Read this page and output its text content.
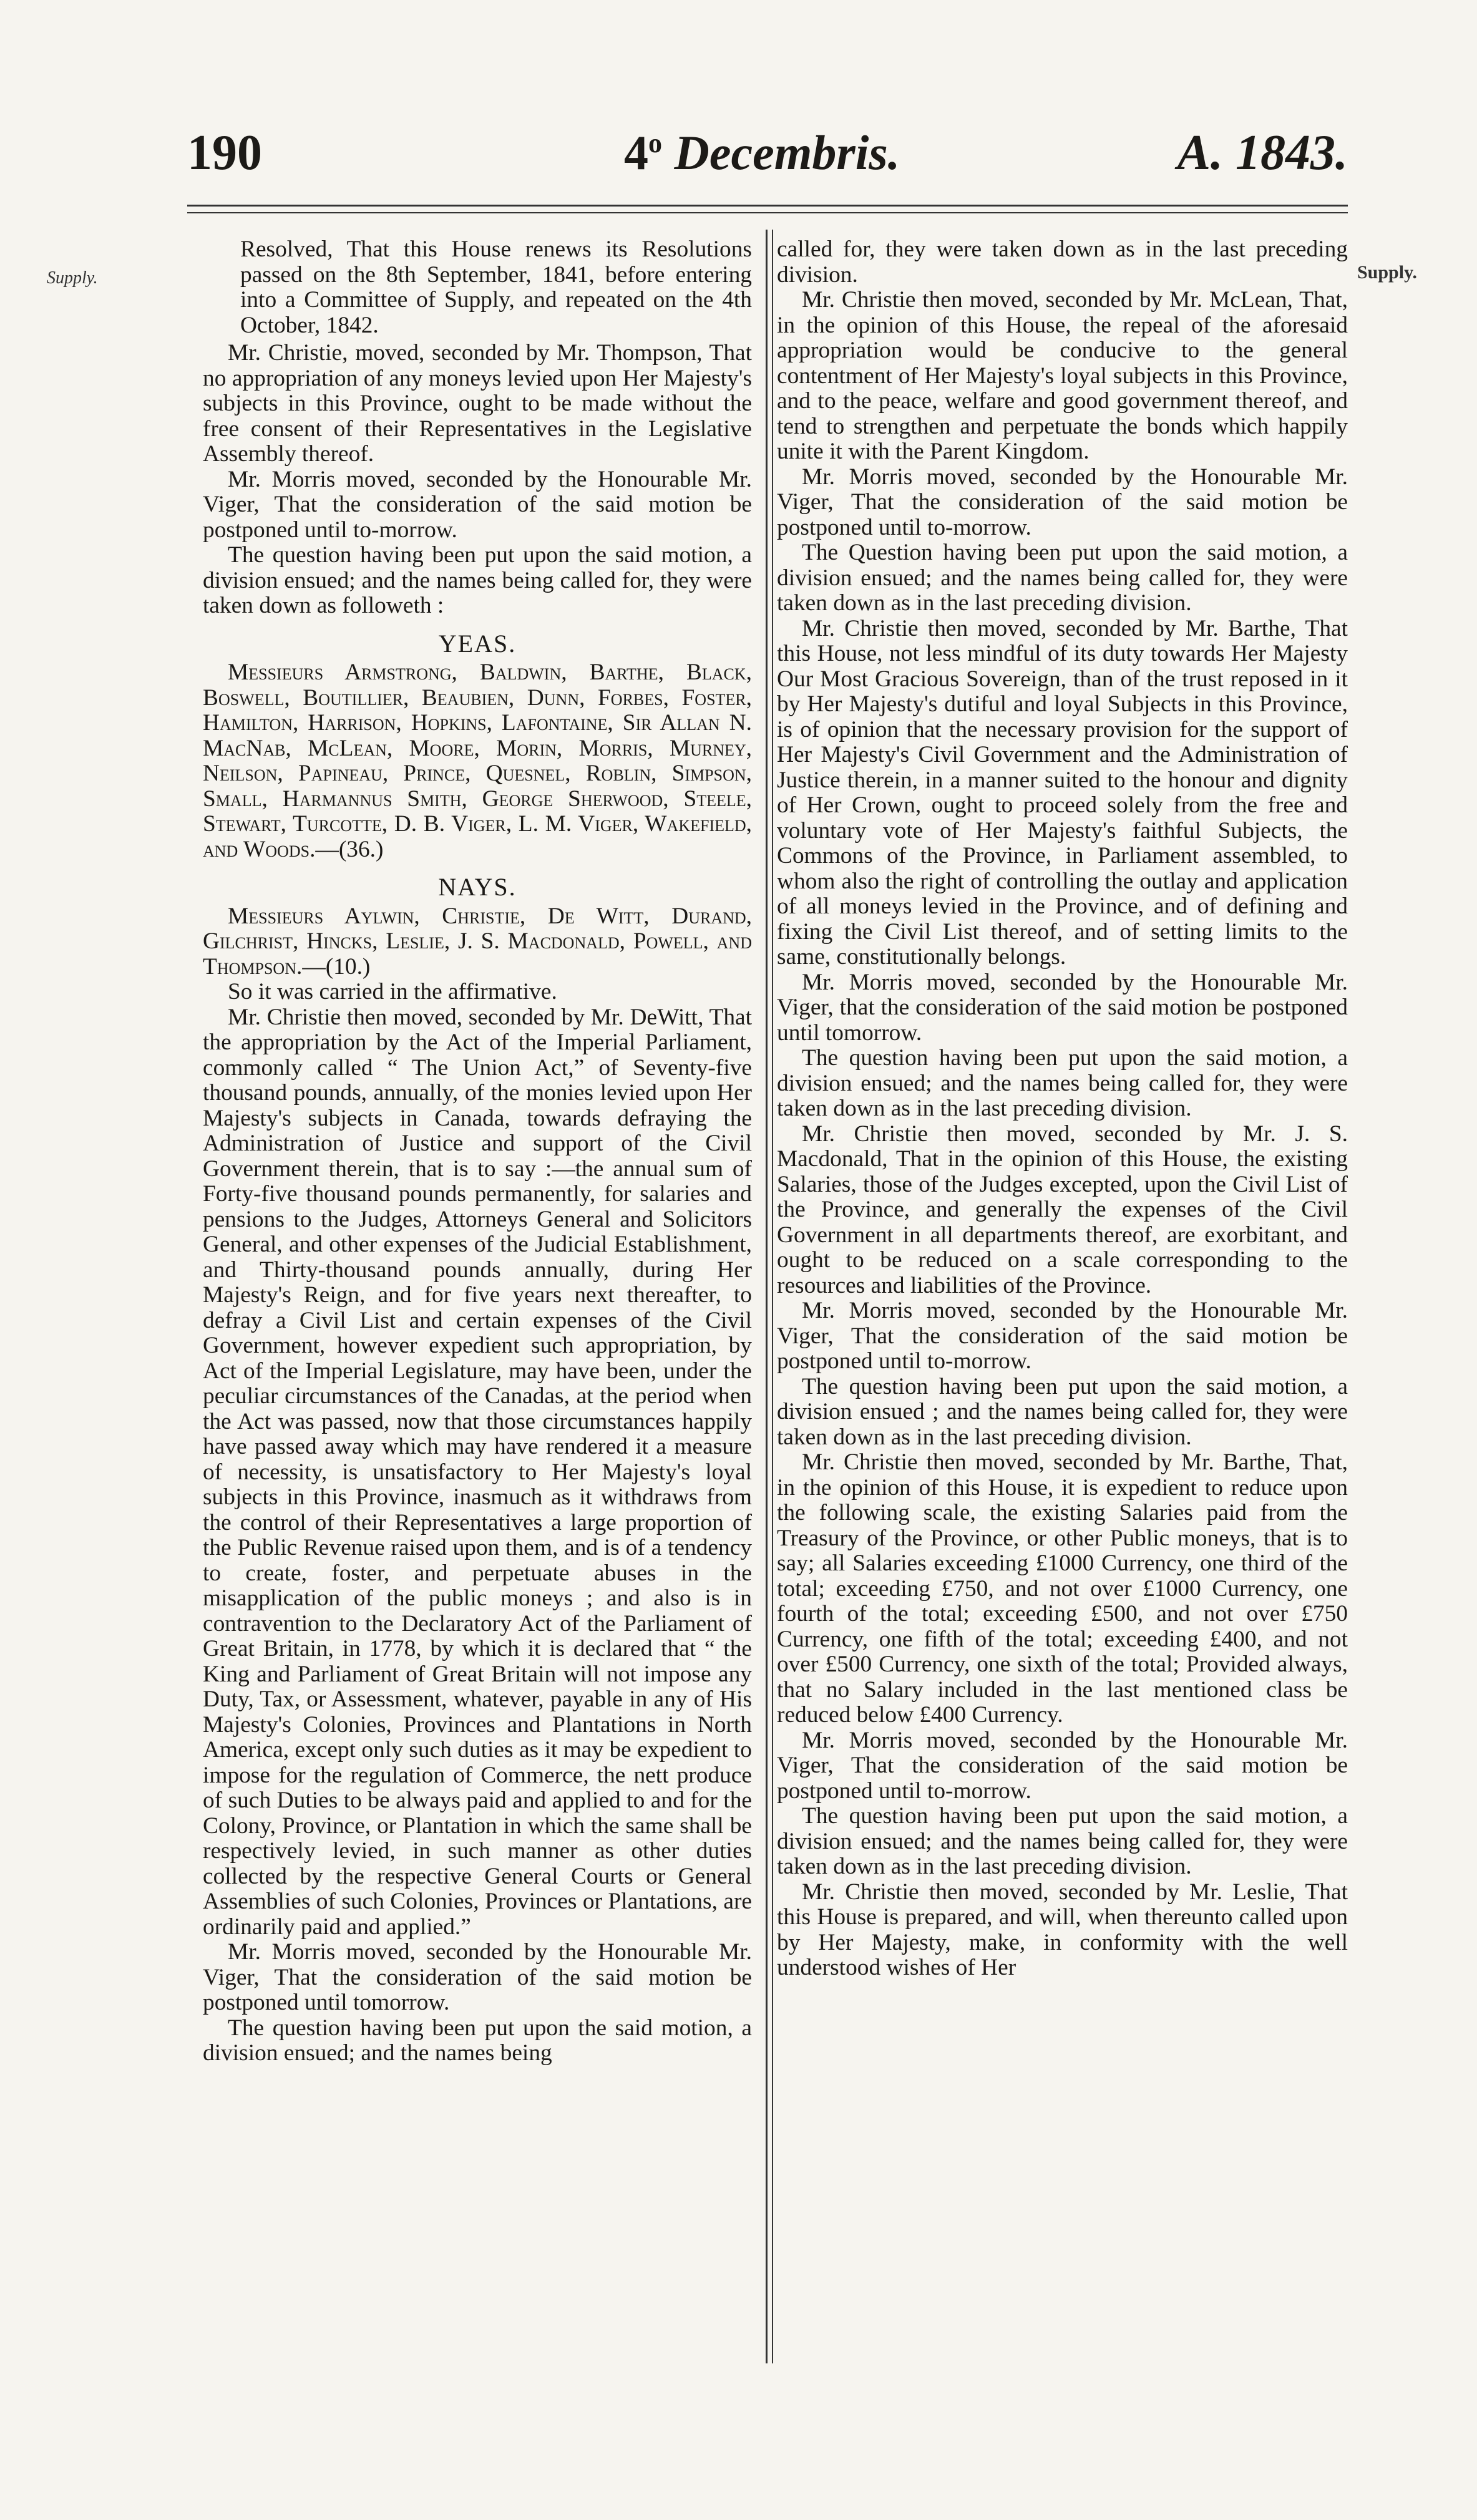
190	4$^o$ Decembris.	A. 1843.
Supply.	Supply.

Resolved, That this House renews its Resolutions passed on the 8th September, 1841, before entering into a Committee of Supply, and repeated on the 4th October, 1842.

Mr. Christie, moved, seconded by Mr. Thompson, That no appropriation of any moneys levied upon Her Majesty's subjects in this Province, ought to be made without the free consent of their Representatives in the Legislative Assembly thereof.

Mr. Morris moved, seconded by the Honourable Mr. Viger, That the consideration of the said motion be postponed until to-morrow.

The question having been put upon the said motion, a division ensued; and the names being called for, they were taken down as followeth :

YEAS.

Messieurs Armstrong, Baldwin, Barthe, Black, Boswell, Boutillier, Beaubien, Dunn, Forbes, Foster, Hamilton, Harrison, Hopkins, Lafontaine, Sir Allan N. MacNab, McLean, Moore, Morin, Morris, Murney, Neilson, Papineau, Prince, Quesnel, Roblin, Simpson, Small, Harmannus Smith, George Sherwood, Steele, Stewart, Turcotte, D. B. Viger, L. M. Viger, Wakefield, and Woods.—(36.)

NAYS.

Messieurs Aylwin, Christie, De Witt, Durand, Gilchrist, Hincks, Leslie, J. S. Macdonald, Powell, and Thompson.—(10.)

So it was carried in the affirmative.

Mr. Christie then moved, seconded by Mr. DeWitt, That the appropriation by the Act of the Imperial Parliament, commonly called “ The Union Act,” of Seventy-five thousand pounds, annually, of the monies levied upon Her Majesty's subjects in Canada, towards defraying the Administration of Justice and support of the Civil Government therein, that is to say :—the annual sum of Forty-five thousand pounds permanently, for salaries and pensions to the Judges, Attorneys General and Solicitors General, and other expenses of the Judicial Establishment, and Thirty-thousand pounds annually, during Her Majesty's Reign, and for five years next thereafter, to defray a Civil List and certain expenses of the Civil Government, however expedient such appropriation, by Act of the Imperial Legislature, may have been, under the peculiar circumstances of the Canadas, at the period when the Act was passed, now that those circumstances happily have passed away which may have rendered it a measure of necessity, is unsatisfactory to Her Majesty's loyal subjects in this Province, inasmuch as it withdraws from the control of their Representatives a large proportion of the Public Revenue raised upon them, and is of a tendency to create, foster, and perpetuate abuses in the misapplication of the public moneys ; and also is in contravention to the Declaratory Act of the Parliament of Great Britain, in 1778, by which it is declared that “ the King and Parliament of Great Britain will not impose any Duty, Tax, or Assessment, whatever, payable in any of His Majesty's Colonies, Provinces and Plantations in North America, except only such duties as it may be expedient to impose for the regulation of Commerce, the nett produce of such Duties to be always paid and applied to and for the Colony, Province, or Plantation in which the same shall be respectively levied, in such manner as other duties collected by the respective General Courts or General Assemblies of such Colonies, Provinces or Plantations, are ordinarily paid and applied.”

Mr. Morris moved, seconded by the Honourable Mr. Viger, That the consideration of the said motion be postponed until tomorrow.

The question having been put upon the said motion, a division ensued; and the names being

called for, they were taken down as in the last preceding division.

Mr. Christie then moved, seconded by Mr. McLean, That, in the opinion of this House, the repeal of the aforesaid appropriation would be conducive to the general contentment of Her Majesty's loyal subjects in this Province, and to the peace, welfare and good government thereof, and tend to strengthen and perpetuate the bonds which happily unite it with the Parent Kingdom.

Mr. Morris moved, seconded by the Honourable Mr. Viger, That the consideration of the said motion be postponed until to-morrow.

The Question having been put upon the said motion, a division ensued; and the names being called for, they were taken down as in the last preceding division.

Mr. Christie then moved, seconded by Mr. Barthe, That this House, not less mindful of its duty towards Her Majesty Our Most Gracious Sovereign, than of the trust reposed in it by Her Majesty's dutiful and loyal Subjects in this Province, is of opinion that the necessary provision for the support of Her Majesty's Civil Government and the Administration of Justice therein, in a manner suited to the honour and dignity of Her Crown, ought to proceed solely from the free and voluntary vote of Her Majesty's faithful Subjects, the Commons of the Province, in Parliament assembled, to whom also the right of controlling the outlay and application of all moneys levied in the Province, and of defining and fixing the Civil List thereof, and of setting limits to the same, constitutionally belongs.

Mr. Morris moved, seconded by the Honourable Mr. Viger, that the consideration of the said motion be postponed until tomorrow.

The question having been put upon the said motion, a division ensued; and the names being called for, they were taken down as in the last preceding division.

Mr. Christie then moved, seconded by Mr. J. S. Macdonald, That in the opinion of this House, the existing Salaries, those of the Judges excepted, upon the Civil List of the Province, and generally the expenses of the Civil Government in all departments thereof, are exorbitant, and ought to be reduced on a scale corresponding to the resources and liabilities of the Province.

Mr. Morris moved, seconded by the Honourable Mr. Viger, That the consideration of the said motion be postponed until to-morrow.

The question having been put upon the said motion, a division ensued ; and the names being called for, they were taken down as in the last preceding division.

Mr. Christie then moved, seconded by Mr. Barthe, That, in the opinion of this House, it is expedient to reduce upon the following scale, the existing Salaries paid from the Treasury of the Province, or other Public moneys, that is to say; all Salaries exceeding £1000 Currency, one third of the total; exceeding £750, and not over £1000 Currency, one fourth of the total; exceeding £500, and not over £750 Currency, one fifth of the total; exceeding £400, and not over £500 Currency, one sixth of the total; Provided always, that no Salary included in the last mentioned class be reduced below £400 Currency.

Mr. Morris moved, seconded by the Honourable Mr. Viger, That the consideration of the said motion be postponed until to-morrow.

The question having been put upon the said motion, a division ensued; and the names being called for, they were taken down as in the last preceding division.

Mr. Christie then moved, seconded by Mr. Leslie, That this House is prepared, and will, when thereunto called upon by Her Majesty, make, in conformity with the well understood wishes of Her
